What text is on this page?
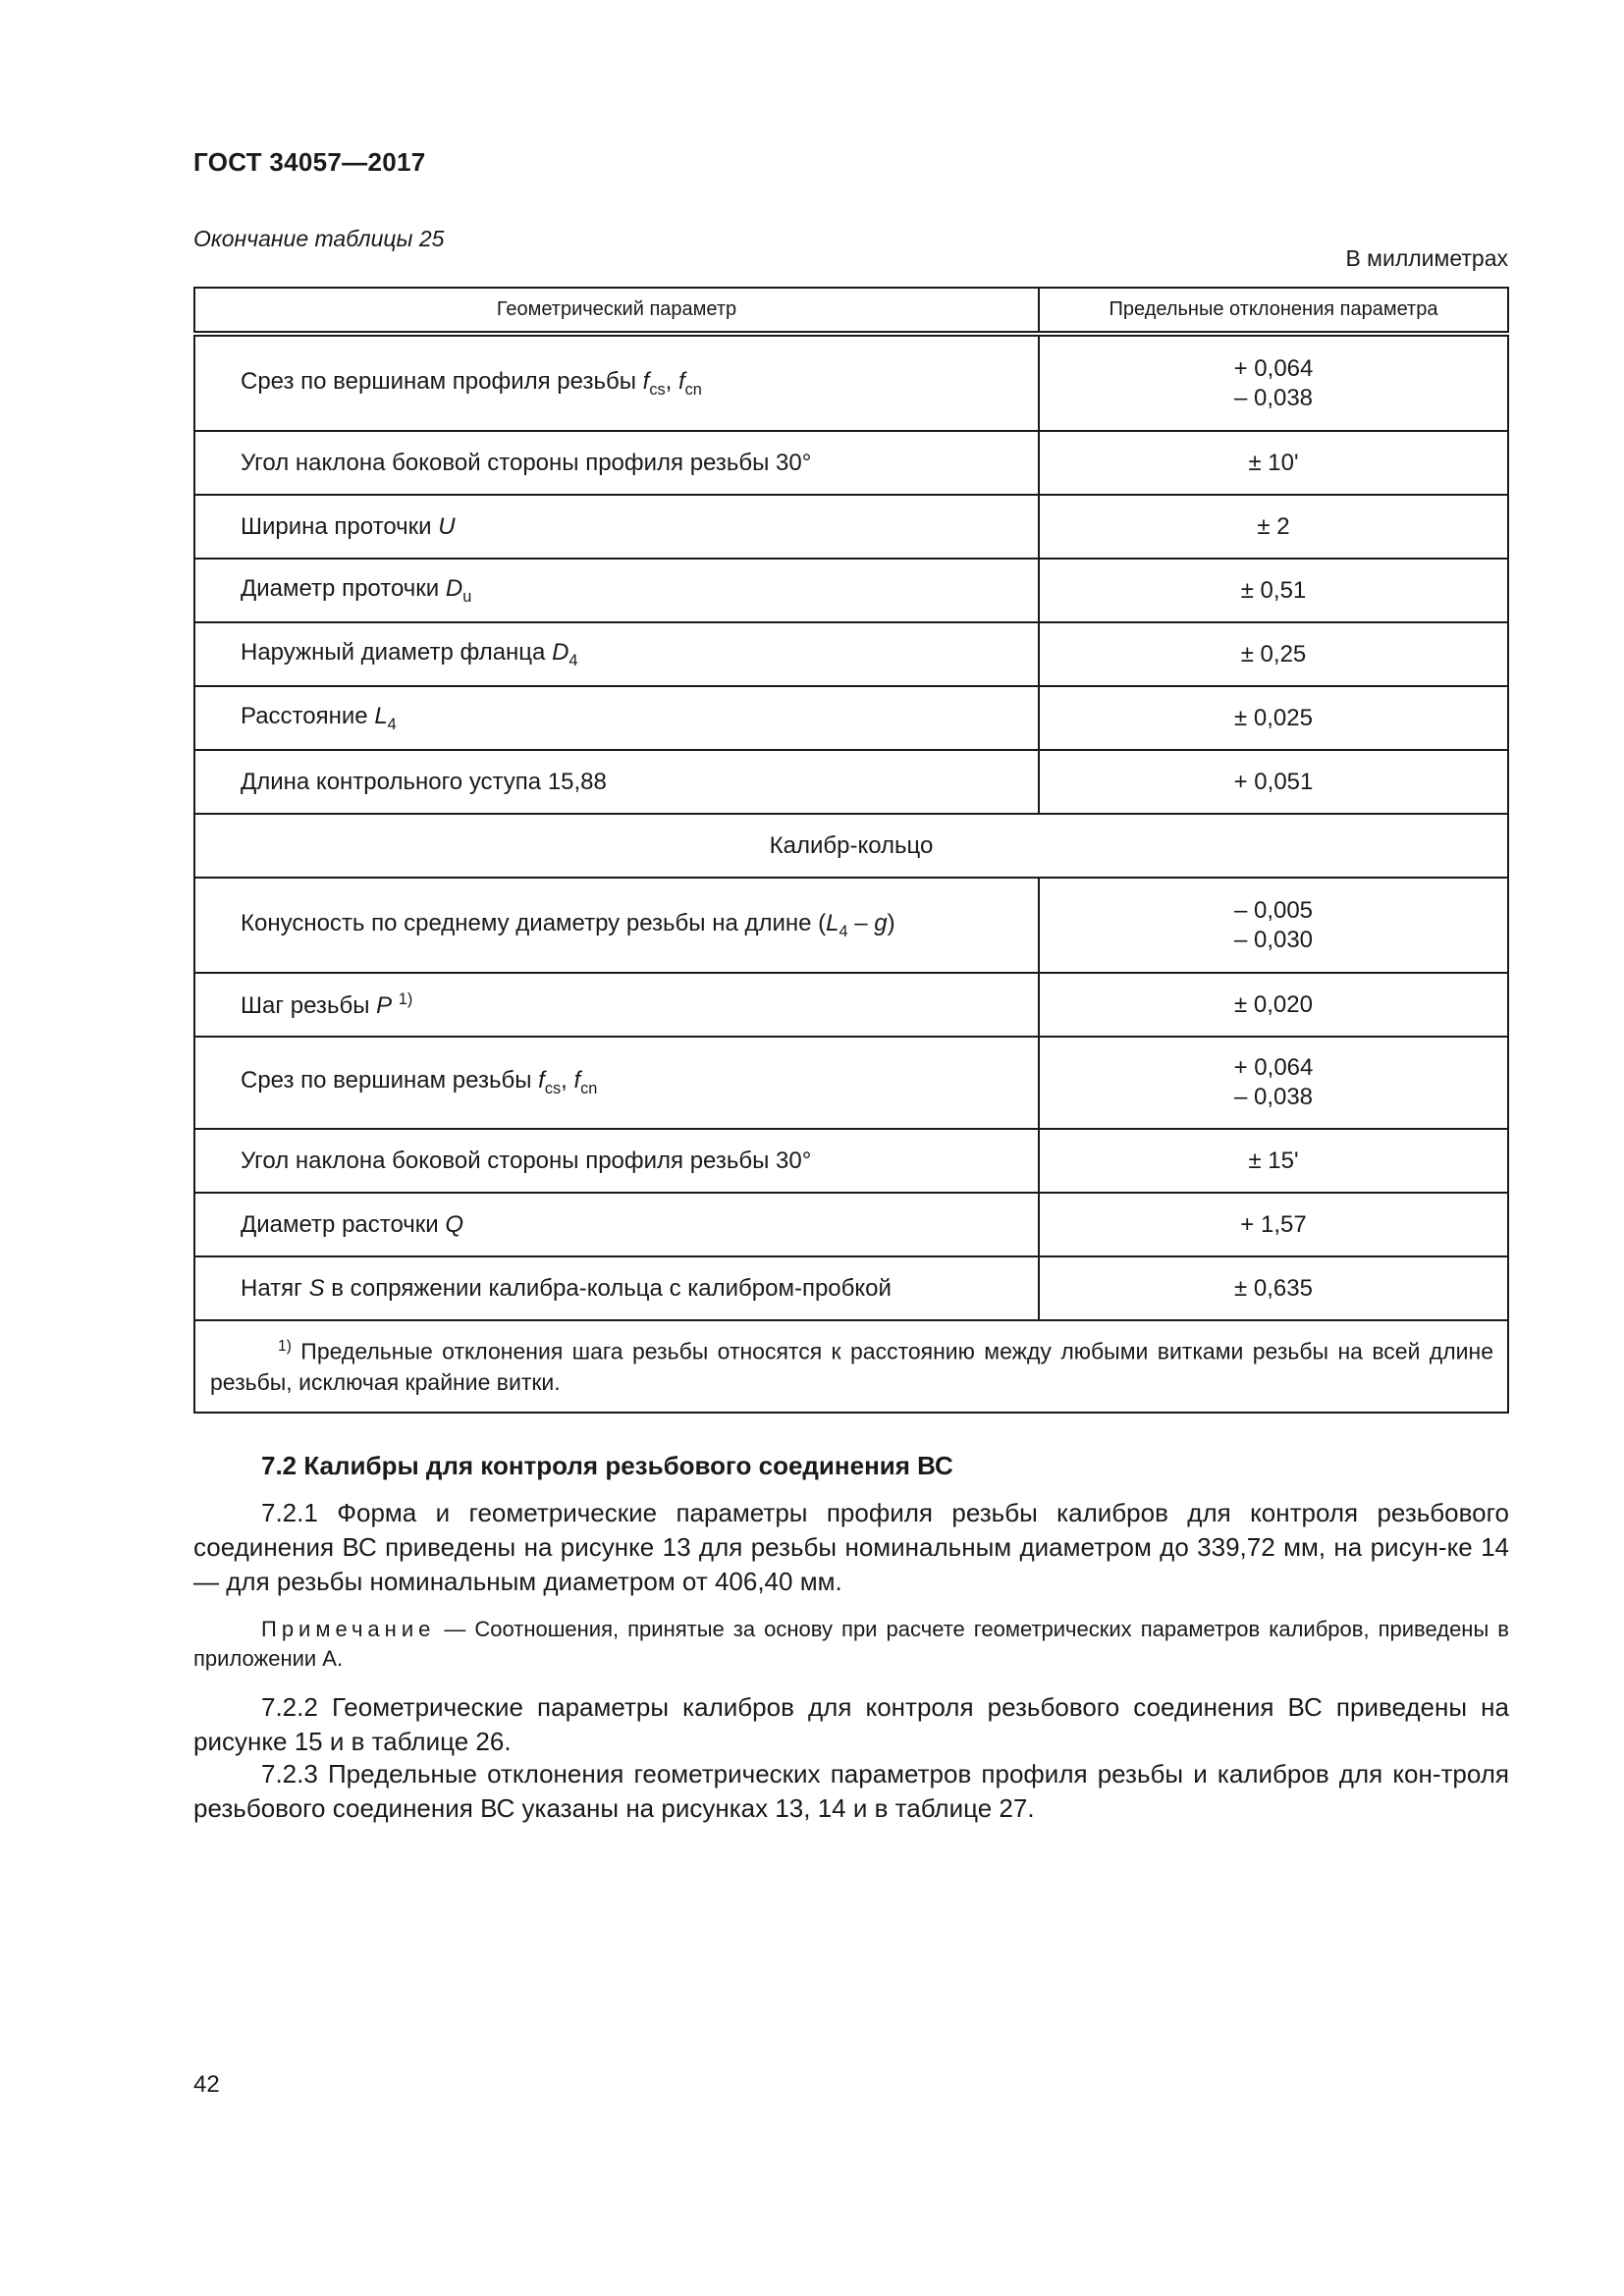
ГОСТ 34057—2017
Окончание таблицы 25
В миллиметрах
Геометрический параметр	Предельные отклонения параметра
Срез по вершинам профиля резьбы $f_{cs}$, $f_{cn}$	+ 0,064
– 0,038

Угол наклона боковой стороны профиля резьбы 30°	± 10'
Ширина проточки U	± 2
Диаметр проточки $D_u$	± 0,51
Наружный диаметр фланца $D_4$	± 0,25
Расстояние $L_4$	± 0,025
Длина контрольного уступа 15,88	+ 0,051
Калибр-кольцо	
Конусность по среднему диаметру резьбы на длине $(L_4 - g)$	– 0,005
– 0,030

Шаг резьбы P $^{1)}$	± 0,020
Срез по вершинам резьбы $f_{cs}$, $f_{cn}$	+ 0,064
– 0,038

Угол наклона боковой стороны профиля резьбы 30°	± 15'
Диаметр расточки Q	+ 1,57
Натяг S в сопряжении калибра-кольца с калибром-пробкой	± 0,635
$^{1)}$ Предельные отклонения шага резьбы относятся к расстоянию между любыми витками резьбы на всей длине резьбы, исключая крайние витки.	
7.2 Калибры для контроля резьбового соединения ВС
7.2.1 Форма и геометрические параметры профиля резьбы калибров для контроля резьбового соединения ВС приведены на рисунке 13 для резьбы номинальным диаметром до 339,72 мм, на рисун-ке 14 — для резьбы номинальным диаметром от 406,40 мм.
Примечание — Соотношения, принятые за основу при расчете геометрических параметров калибров, приведены в приложении А.
7.2.2 Геометрические параметры калибров для контроля резьбового соединения ВС приведены на рисунке 15 и в таблице 26.
7.2.3 Предельные отклонения геометрических параметров профиля резьбы и калибров для кон-троля резьбового соединения ВС указаны на рисунках 13, 14 и в таблице 27.
42
